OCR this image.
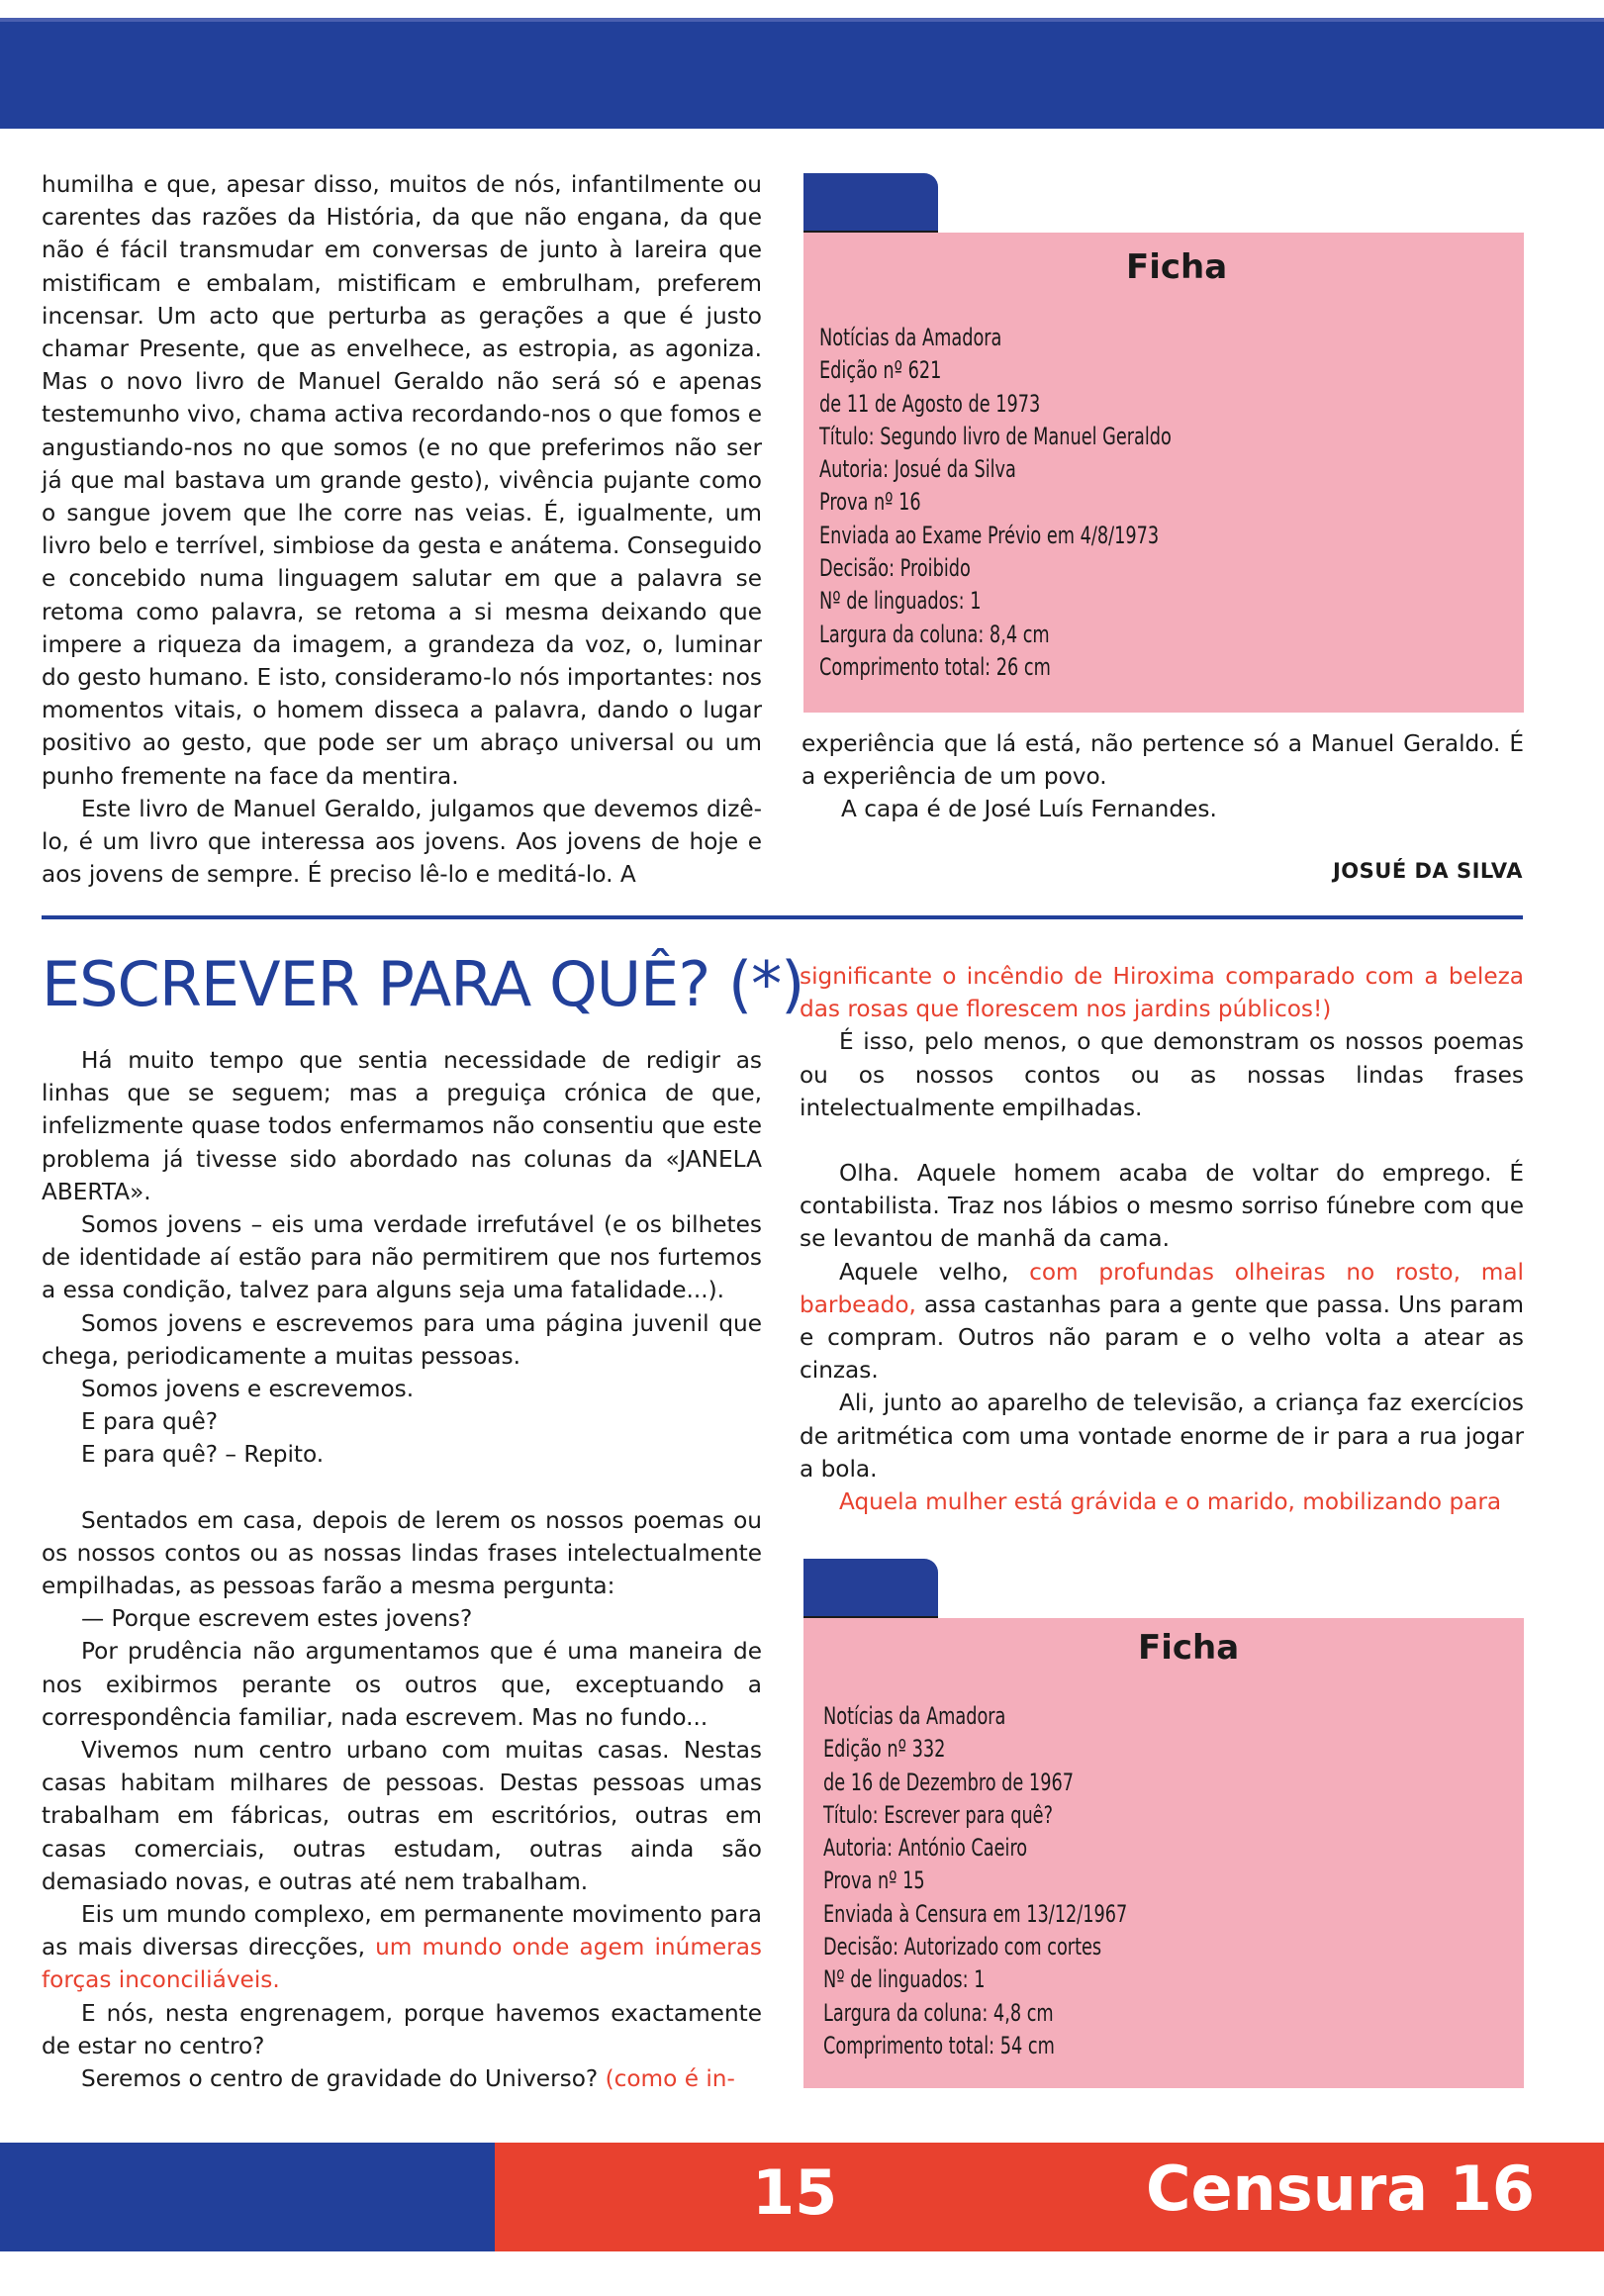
humilha e que, apesar disso, muitos de nós, infantilmente ou carentes das razões da História, da que não engana, da que não é fácil transmudar em conversas de junto à lareira que mistificam e embalam, mistificam e embrulham, preferem incensar. Um acto que perturba as gerações a que é justo chamar Presente, que as envelhece, as estropia, as agoniza. Mas o novo livro de Manuel Geraldo não será só e apenas testemunho vivo, chama activa recordando-nos o que fomos e angustiando-nos no que somos (e no que preferimos não ser já que mal bastava um grande gesto), vivência pujante como o sangue jovem que lhe corre nas veias. É, igualmente, um livro belo e terrível, simbiose da gesta e anátema. Conseguido e concebido numa linguagem salutar em que a palavra se retoma como palavra, se retoma a si mesma deixando que impere a riqueza da imagem, a grandeza da voz, o, luminar do gesto humano. E isto, consideramo-lo nós importantes: nos momentos vitais, o homem disseca a palavra, dando o lugar positivo ao gesto, que pode ser um abraço universal ou um punho fremente na face da mentira.

Este livro de Manuel Geraldo, julgamos que devemos dizê-lo, é um livro que interessa aos jovens. Aos jovens de hoje e aos jovens de sempre. É preciso lê-lo e meditá-lo. A

Ficha
Notícias da Amadora
Edição nº 621
de 11 de Agosto de 1973
Título: Segundo livro de Manuel Geraldo
Autoria: Josué da Silva
Prova nº 16
Enviada ao Exame Prévio em 4/8/1973
Decisão: Proibido
Nº de linguados: 1
Largura da coluna: 8,4 cm
Comprimento total: 26 cm

experiência que lá está, não pertence só a Manuel Geraldo. É a experiência de um povo.

A capa é de José Luís Fernandes.

JOSUÉ DA SILVA
ESCREVER PARA QUÊ? (*)

Há muito tempo que sentia necessidade de redigir as linhas que se seguem; mas a preguiça crónica de que, infelizmente quase todos enfermamos não consentiu que este problema já tivesse sido abordado nas colunas da «JANELA ABERTA».

Somos jovens – eis uma verdade irrefutável (e os bilhetes de identidade aí estão para não permitirem que nos furtemos a essa condição, talvez para alguns seja uma fatalidade...).

Somos jovens e escrevemos para uma página juvenil que chega, periodicamente a muitas pessoas.

Somos jovens e escrevemos.

E para quê?

E para quê? – Repito.

Sentados em casa, depois de lerem os nossos poemas ou os nossos contos ou as nossas lindas frases intelectualmente empilhadas, as pessoas farão a mesma pergunta:

— Porque escrevem estes jovens?

Por prudência não argumentamos que é uma maneira de nos exibirmos perante os outros que, exceptuando a correspondência familiar, nada escrevem. Mas no fundo...

Vivemos num centro urbano com muitas casas. Nestas casas habitam milhares de pessoas. Destas pessoas umas trabalham em fábricas, outras em escritórios, outras em casas comerciais, outras estudam, outras ainda são demasiado novas, e outras até nem trabalham.

Eis um mundo complexo, em permanente movimento para as mais diversas direcções, um mundo onde agem inúmeras forças inconciliáveis.

E nós, nesta engrenagem, porque havemos exactamente de estar no centro?

Seremos o centro de gravidade do Universo? (como é in-

significante o incêndio de Hiroxima comparado com a beleza das rosas que florescem nos jardins públicos!)

É isso, pelo menos, o que demonstram os nossos poemas ou os nossos contos ou as nossas lindas frases intelectualmente empilhadas.

Olha. Aquele homem acaba de voltar do emprego. É contabilista. Traz nos lábios o mesmo sorriso fúnebre com que se levantou de manhã da cama.

Aquele velho, com profundas olheiras no rosto, mal barbeado, assa castanhas para a gente que passa. Uns param e compram. Outros não param e o velho volta a atear as cinzas.

Ali, junto ao aparelho de televisão, a criança faz exercícios de aritmética com uma vontade enorme de ir para a rua jogar a bola.

Aquela mulher está grávida e o marido, mobilizando para

Ficha
Notícias da Amadora
Edição nº 332
de 16 de Dezembro de 1967
Título: Escrever para quê?
Autoria: António Caeiro
Prova nº 15
Enviada à Censura em 13/12/1967
Decisão: Autorizado com cortes
Nº de linguados: 1
Largura da coluna: 4,8 cm
Comprimento total: 54 cm
15	Censura 16
